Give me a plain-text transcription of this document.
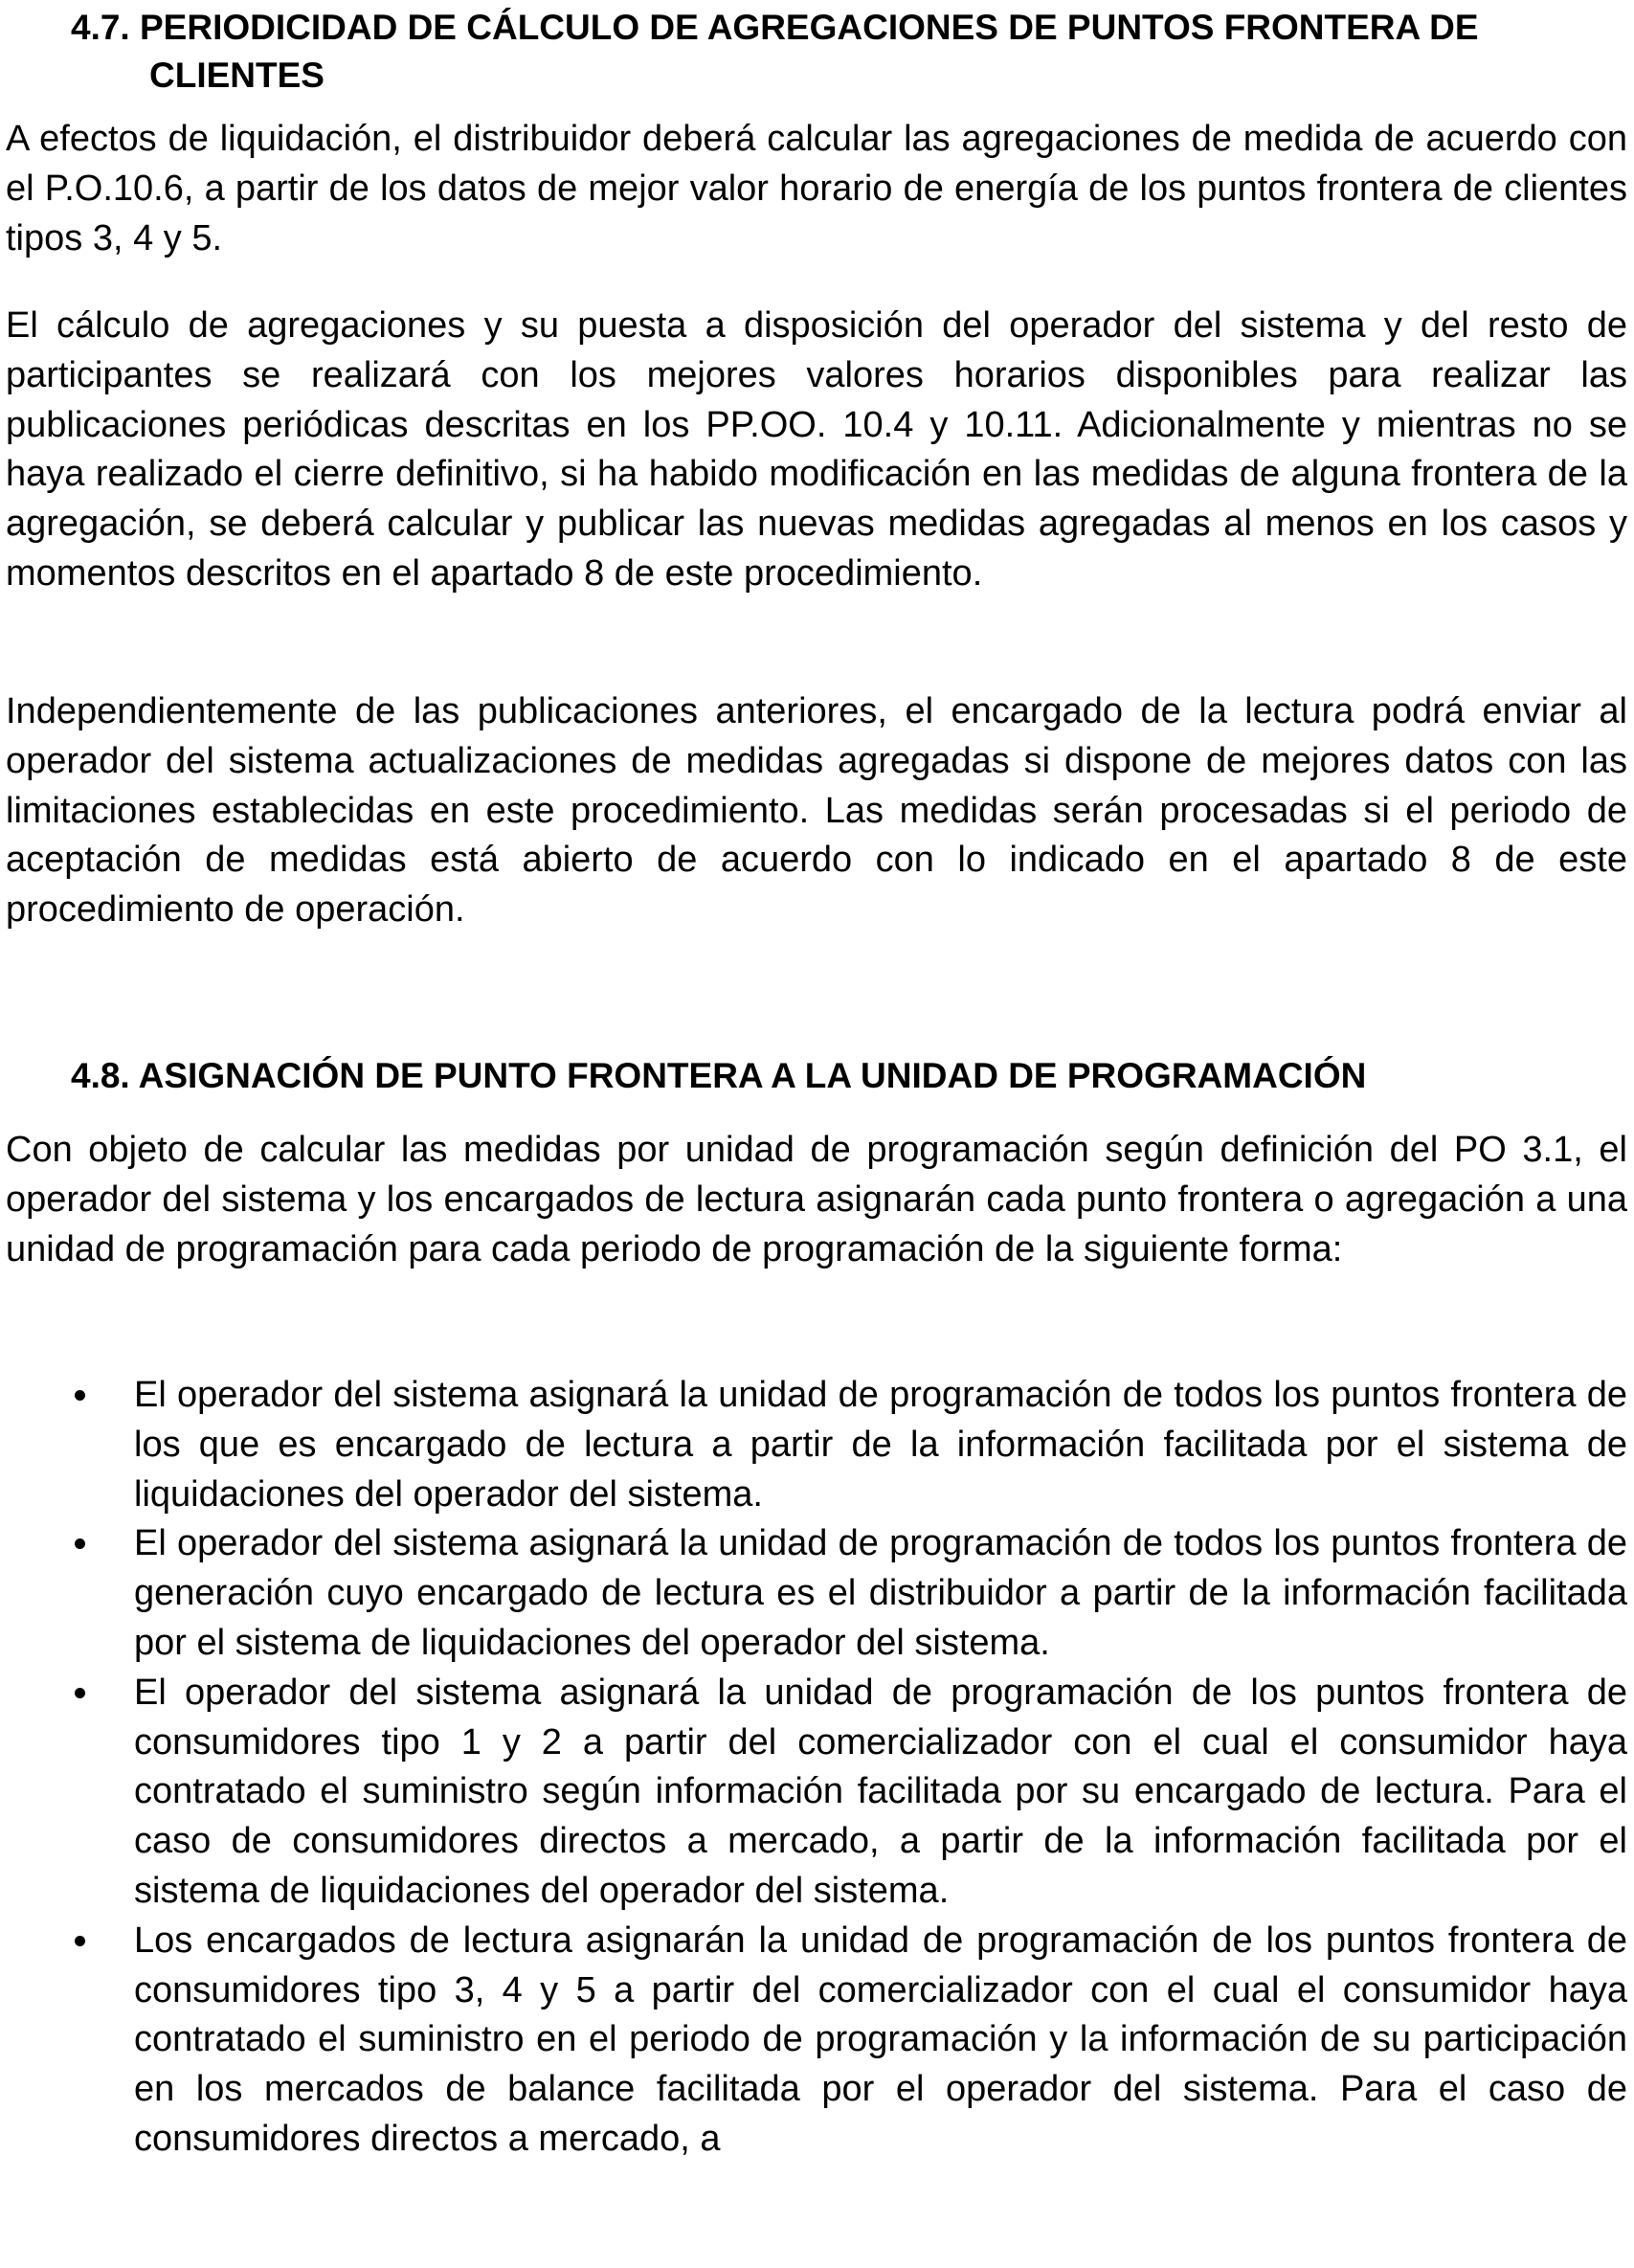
4.7. PERIODICIDAD DE CÁLCULO DE AGREGACIONES DE PUNTOS FRONTERA DE
CLIENTES

A efectos de liquidación, el distribuidor deberá calcular las agregaciones de medida de acuerdo con el P.O.10.6, a partir de los datos de mejor valor horario de energía de los puntos frontera de clientes tipos 3, 4 y 5.

El cálculo de agregaciones y su puesta a disposición del operador del sistema y del resto de participantes se realizará con los mejores valores horarios disponibles para realizar las publicaciones periódicas descritas en los PP.OO. 10.4 y 10.11. Adicionalmente y mientras no se haya realizado el cierre definitivo, si ha habido modificación en las medidas de alguna frontera de la agregación, se deberá calcular y publicar las nuevas medidas agregadas al menos en los casos y momentos descritos en el apartado 8 de este procedimiento.

Independientemente de las publicaciones anteriores, el encargado de la lectura podrá enviar al operador del sistema actualizaciones de medidas agregadas si dispone de mejores datos con las limitaciones establecidas en este procedimiento. Las medidas serán procesadas si el periodo de aceptación de medidas está abierto de acuerdo con lo indicado en el apartado 8 de este procedimiento de operación.

4.8. ASIGNACIÓN DE PUNTO FRONTERA A LA UNIDAD DE PROGRAMACIÓN

Con objeto de calcular las medidas por unidad de programación según definición del PO 3.1, el operador del sistema y los encargados de lectura asignarán cada punto frontera o agregación a una unidad de programación para cada periodo de programación de la siguiente forma:

El operador del sistema asignará la unidad de programación de todos los puntos frontera de los que es encargado de lectura a partir de la información facilitada por el sistema de liquidaciones del operador del sistema.
El operador del sistema asignará la unidad de programación de todos los puntos frontera de generación cuyo encargado de lectura es el distribuidor a partir de la información facilitada por el sistema de liquidaciones del operador del sistema.
El operador del sistema asignará la unidad de programación de los puntos frontera de consumidores tipo 1 y 2 a partir del comercializador con el cual el consumidor haya contratado el suministro según información facilitada por su encargado de lectura. Para el caso de consumidores directos a mercado, a partir de la información facilitada por el sistema de liquidaciones del operador del sistema.
Los encargados de lectura asignarán la unidad de programación de los puntos frontera de consumidores tipo 3, 4 y 5 a partir del comercializador con el cual el consumidor haya contratado el suministro en el periodo de programación y la información de su participación en los mercados de balance facilitada por el operador del sistema. Para el caso de consumidores directos a mercado, a
